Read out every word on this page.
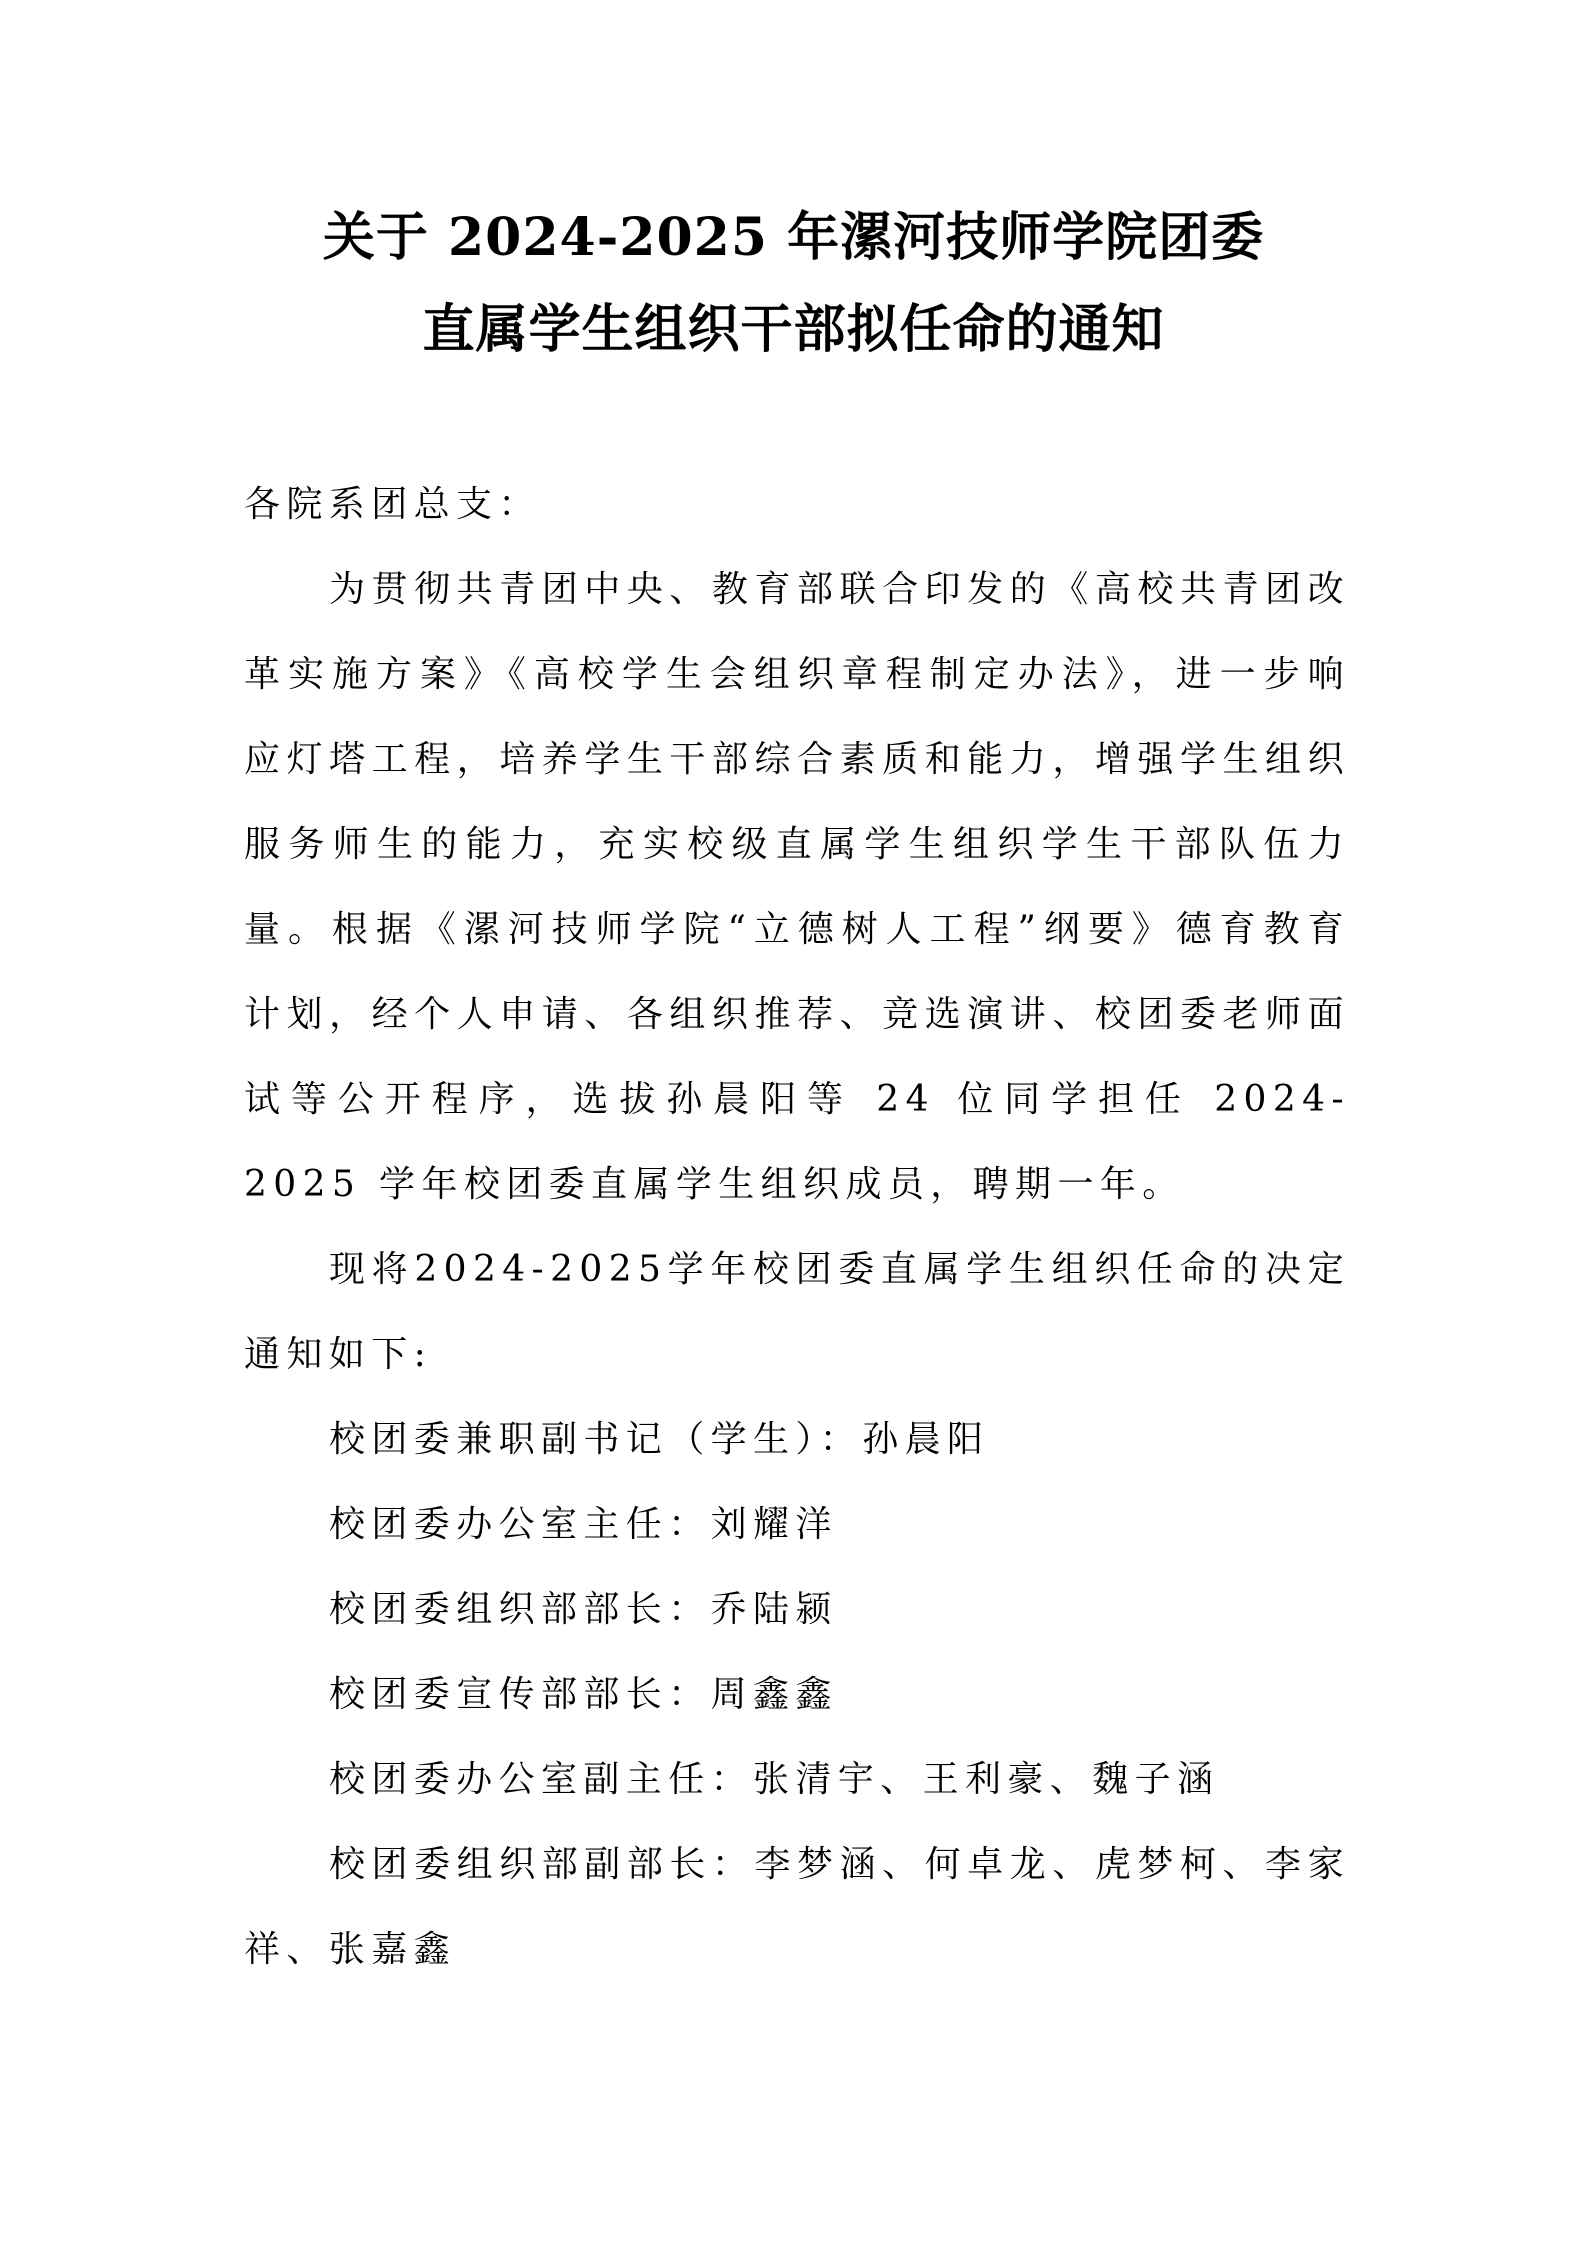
关于 2024-2025 年漯河技师学院团委
直属学生组织干部拟任命的通知

各院系团总支：

为贯彻共青团中央、教育部联合印发的《高校共青团改革实施方案》《高校学生会组织章程制定办法》，进一步响应灯塔工程，培养学生干部综合素质和能力，增强学生组织服务师生的能力，充实校级直属学生组织学生干部队伍力量。根据《漯河技师学院“立德树人工程”纲要》德育教育计划，经个人申请、各组织推荐、竞选演讲、校团委老师面试等公开程序，选拔孙晨阳等 24 位同学担任 2024-2025 学年校团委直属学生组织成员，聘期一年。

现将2024-2025学年校团委直属学生组织任命的决定通知如下:

校团委兼职副书记（学生）：孙晨阳

校团委办公室主任：刘耀洋

校团委组织部部长：乔陆颍

校团委宣传部部长：周鑫鑫

校团委办公室副主任：张清宇、王利豪、魏子涵

校团委组织部副部长：李梦涵、何卓龙、虎梦柯、李家祥、张嘉鑫
